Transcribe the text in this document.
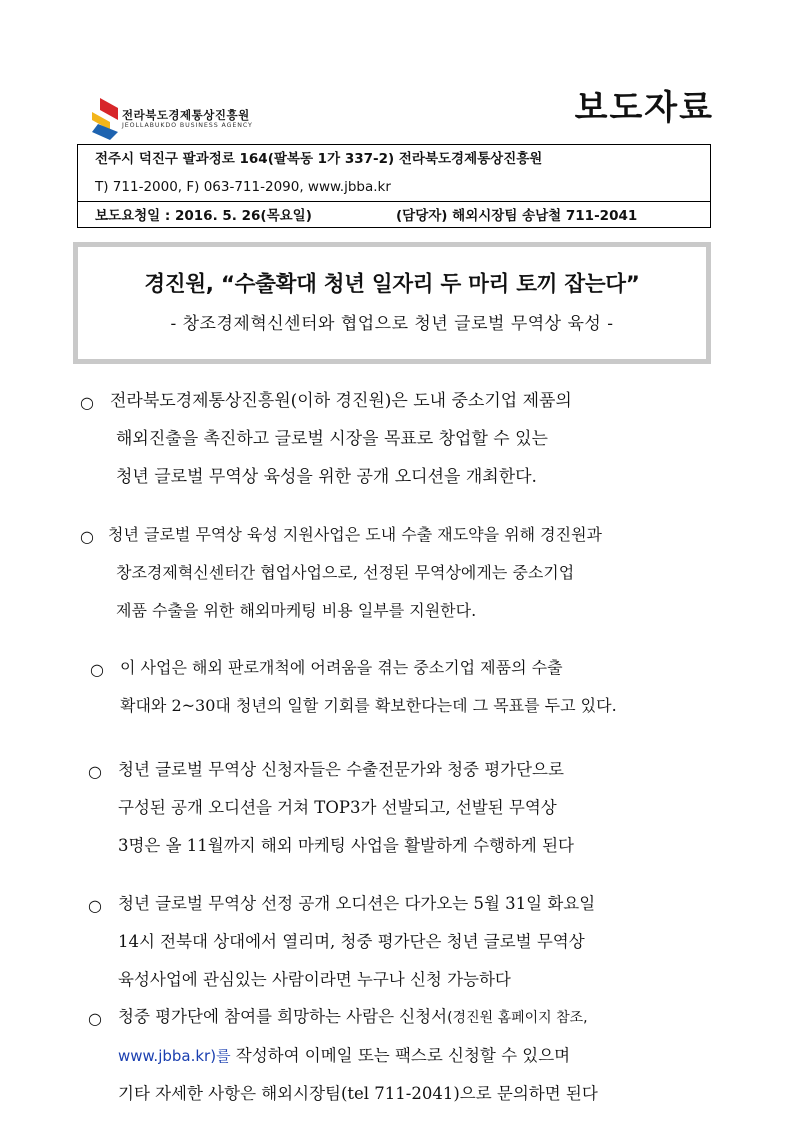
전라북도경제통상진흥원
JEOLLABUKDO BUSINESS AGENCY	보도자료
전주시 덕진구 팔과정로 164(팔복동 1가 337-2) 전라북도경제통상진흥원
T) 711-2000, F) 063-711-2090, www.jbba.kr
보도요청일 : 2016. 5. 26(목요일)	(담당자) 해외시장팀 송남철 711-2041
경진원, “수출확대 청년 일자리 두 마리 토끼 잡는다”
- 창조경제혁신센터와 협업으로 청년 글로벌 무역상 육성 -
○ 전라북도경제통상진흥원(이하 경진원)은 도내 중소기업 제품의
해외진출을 촉진하고 글로벌 시장을 목표로 창업할 수 있는
청년 글로벌 무역상 육성을 위한 공개 오디션을 개최한다.
○ 청년 글로벌 무역상 육성 지원사업은 도내 수출 재도약을 위해 경진원과
창조경제혁신센터간 협업사업으로, 선정된 무역상에게는 중소기업
제품 수출을 위한 해외마케팅 비용 일부를 지원한다.
○ 이 사업은 해외 판로개척에 어려움을 겪는 중소기업 제품의 수출
확대와 2~30대 청년의 일할 기회를 확보한다는데 그 목표를 두고 있다.
○ 청년 글로벌 무역상 신청자들은 수출전문가와 청중 평가단으로
구성된 공개 오디션을 거쳐 TOP3가 선발되고, 선발된 무역상
3명은 올 11월까지 해외 마케팅 사업을 활발하게 수행하게 된다
○ 청년 글로벌 무역상 선정 공개 오디션은 다가오는 5월 31일 화요일
14시 전북대 상대에서 열리며, 청중 평가단은 청년 글로벌 무역상
육성사업에 관심있는 사람이라면 누구나 신청 가능하다
○ 청중 평가단에 참여를 희망하는 사람은 신청서(경진원 홈페이지 참조,
www.jbba.kr)를 작성하여 이메일 또는 팩스로 신청할 수 있으며
기타 자세한 사항은 해외시장팀(tel 711-2041)으로 문의하면 된다
